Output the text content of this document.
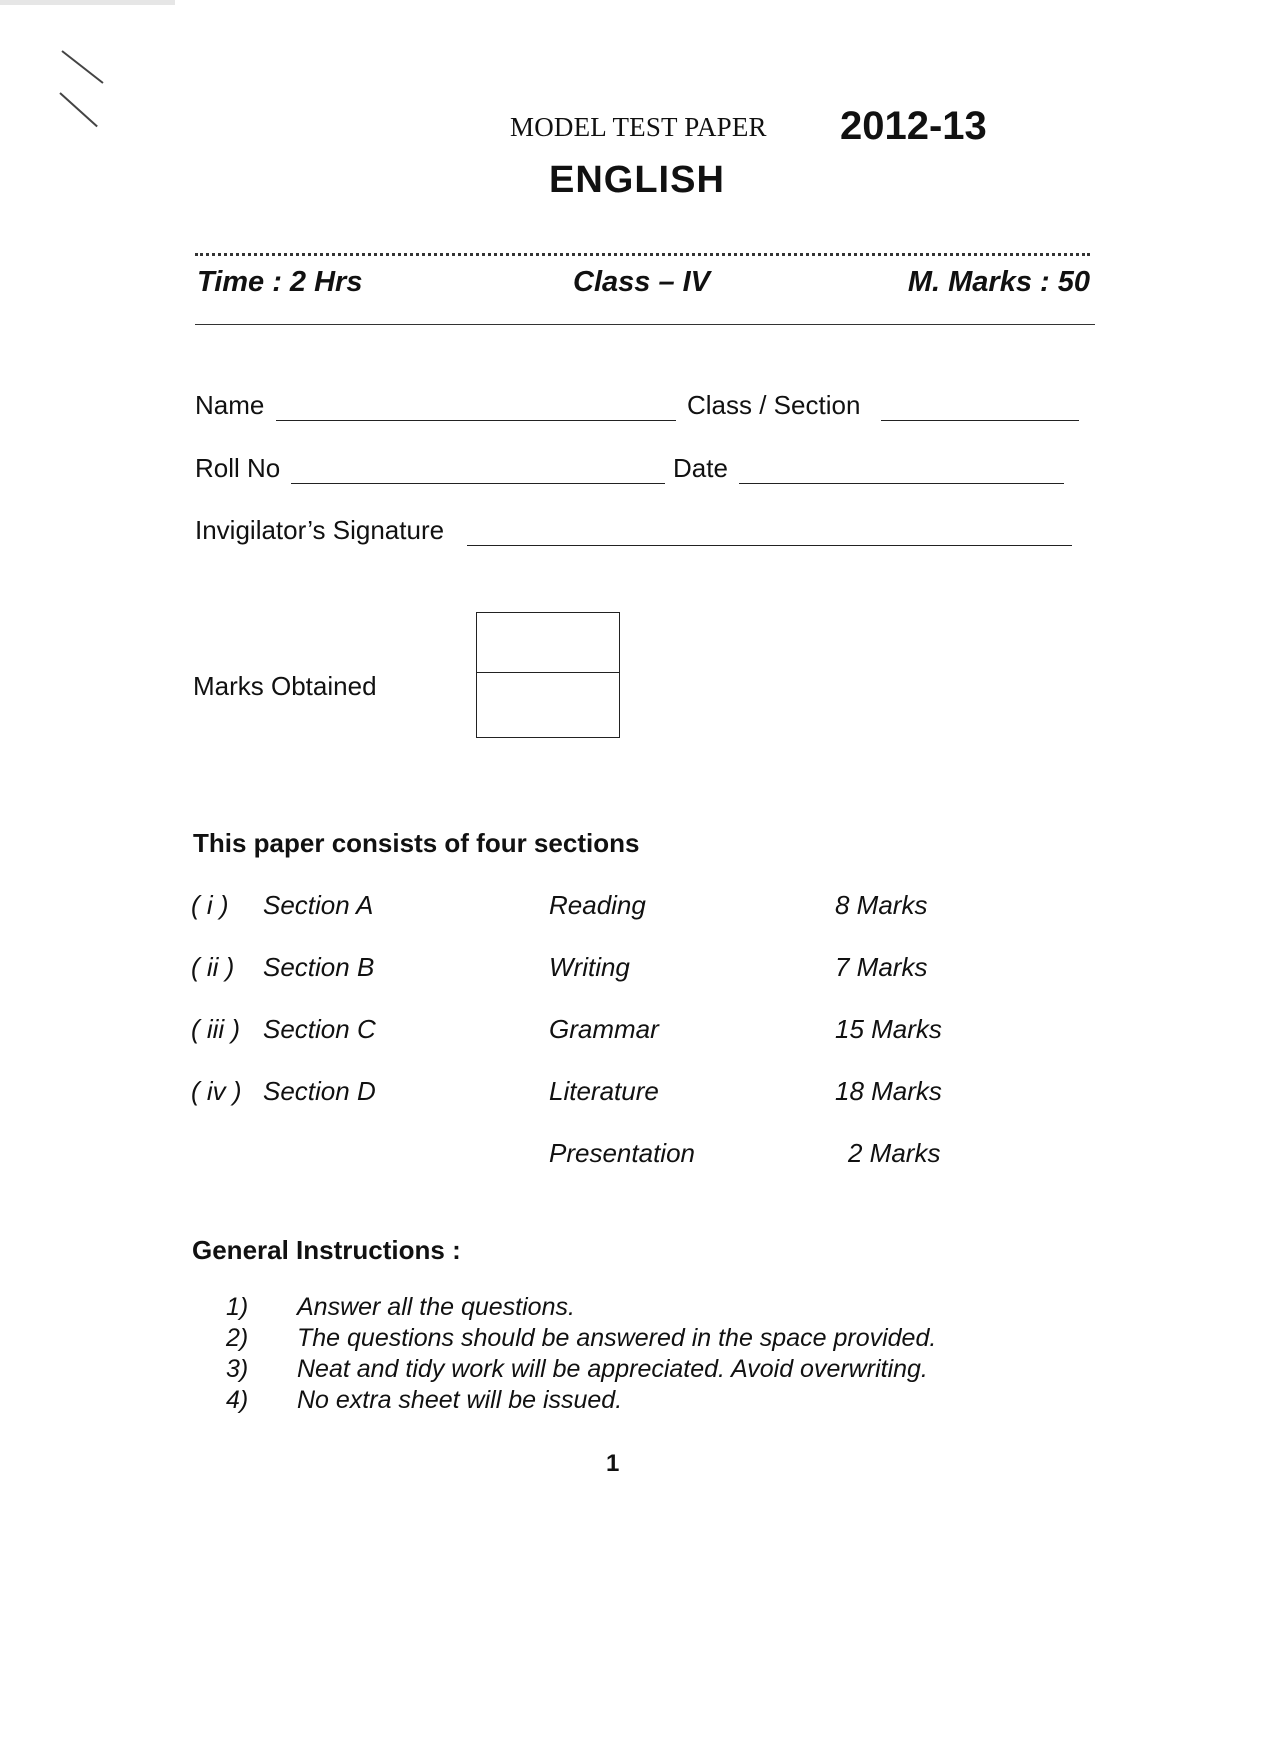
MODEL TEST PAPER 2012-13
ENGLISH
Time : 2 Hrs	Class – IV	M. Marks : 50
Name	Class / Section
Roll No	Date
Invigilator’s Signature
Marks Obtained
This paper consists of four sections
( i ) Section A	Reading	8 Marks
( ii ) Section B	Writing	7 Marks
( iii ) Section C	Grammar	15 Marks
( iv ) Section D	Literature	18 Marks
Presentation	2 Marks
General Instructions :
1) Answer all the questions.
2) The questions should be answered in the space provided.
3) Neat and tidy work will be appreciated. Avoid overwriting.
4) No extra sheet will be issued.
1
